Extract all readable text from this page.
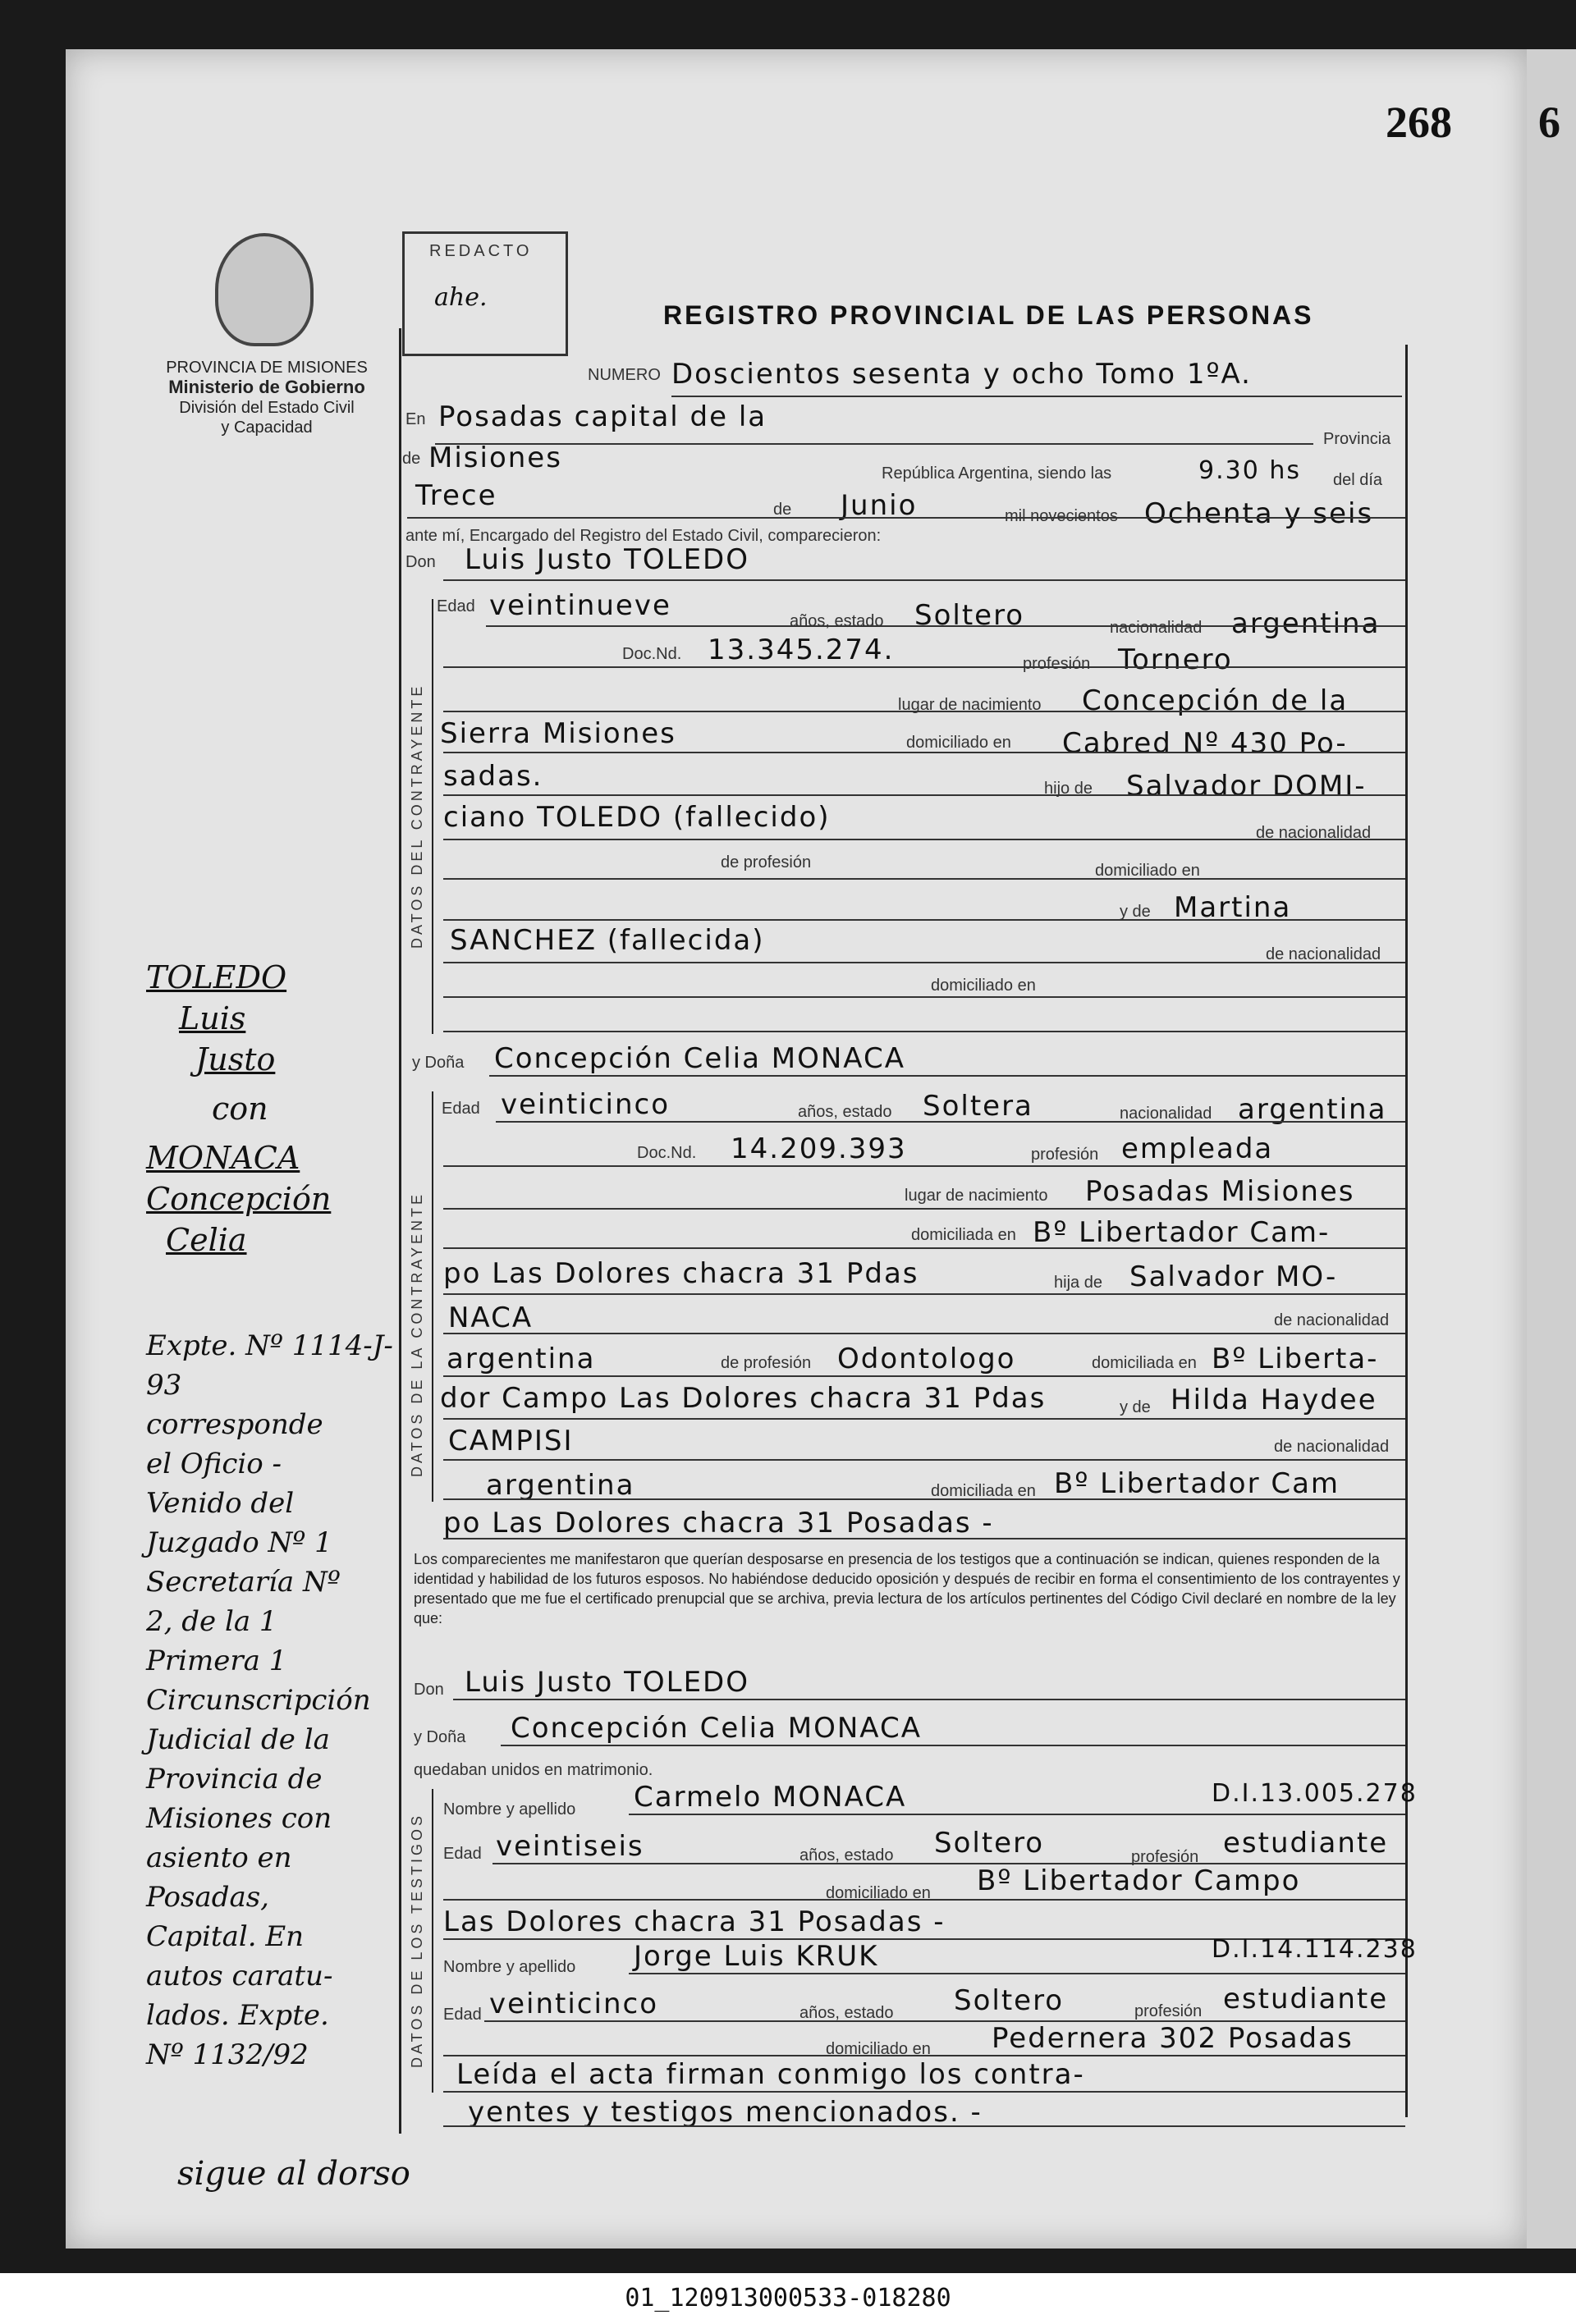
268 6
PROVINCIA DE MISIONES
Ministerio de Gobierno
División del Estado Civil
y Capacidad
REDACTO
ahe.
REGISTRO PROVINCIAL DE LAS PERSONAS
DATOS DEL CONTRAYENTE
DATOS DE LA CONTRAYENTE
DATOS DE LOS TESTIGOS
NUMERO Doscientos sesenta y ocho Tomo 1ºA.
En Posadas capital de la
Provincia
de Misiones	República Argentina, siendo las	9.30 hs del día
Trece	de Junio	mil novecientos Ochenta y seis
ante mí, Encargado del Registro del Estado Civil, comparecieron:
Don Luis Justo TOLEDO
Edad veintinueve	años, estado Soltero	nacionalidad argentina
Doc.Nd. 13.345.274.	profesión Tornero
lugar de nacimiento Concepción de la
Sierra Misiones	domiciliado en Cabred Nº 430 Po-
sadas.	hijo de Salvador DOMI-
ciano TOLEDO (fallecido)	de nacionalidad
de profesión	domiciliado en
y de Martina
SANCHEZ (fallecida)	de nacionalidad
domiciliado en
y Doña Concepción Celia MONACA
Edad veinticinco	años, estado Soltera	nacionalidad argentina
Doc.Nd. 14.209.393	profesión empleada
lugar de nacimiento Posadas Misiones
domiciliada en Bº Libertador Cam-
po Las Dolores chacra 31 Pdas	hija de Salvador MO-
NACA	de nacionalidad
argentina	de profesión Odontologo	domiciliada en Bº Liberta-
dor Campo Las Dolores chacra 31 Pdas	y de Hilda Haydee
CAMPISI	de nacionalidad
argentina	domiciliada en Bº Libertador Cam
po Las Dolores chacra 31 Posadas -
Los comparecientes me manifestaron que querían desposarse en presencia de los testigos que a continuación se indican, quienes responden de la identidad y habilidad de los futuros esposos. No habiéndose deducido oposición y después de recibir en forma el consentimiento de los contrayentes y presentado que me fue el certificado prenupcial que se archiva, previa lectura de los artículos pertinentes del Código Civil declaré en nombre de la ley que:
Don Luis Justo TOLEDO
y Doña Concepción Celia MONACA
quedaban unidos en matrimonio.
Nombre y apellido Carmelo MONACA	D.I.13.005.278
Edad veintiseis	años, estado Soltero	profesión estudiante
domiciliado en Bº Libertador Campo
Las Dolores chacra 31 Posadas -
Nombre y apellido Jorge Luis KRUK	D.I.14.114.238
Edad veinticinco	años, estado Soltero	profesión estudiante
domiciliado en Pedernera 302 Posadas
Leída el acta firman conmigo los contra-
yentes y testigos mencionados. -
TOLEDO
Luis
Justo
con
MONACA
Concepción
Celia
Expte. Nº 1114-J-93
corresponde
el Oficio -
Venido del
Juzgado Nº 1
Secretaría Nº
2, de la 1
Primera 1
Circunscripción
Judicial de la
Provincia de
Misiones con
asiento en
Posadas,
Capital. En
autos caratu-
lados. Expte.
Nº 1132/92
sigue al dorso
01_120913000533-018280
